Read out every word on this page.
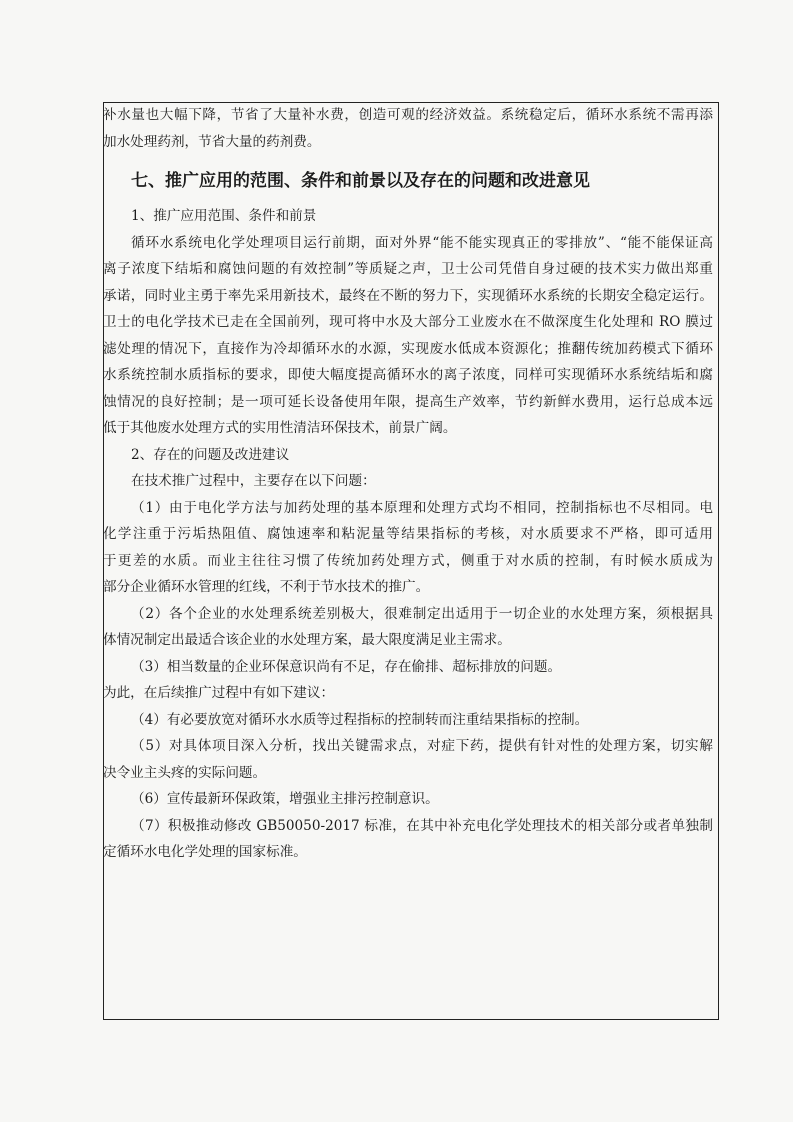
补水量也大幅下降，节省了大量补水费，创造可观的经济效益。系统稳定后，循环水系统不需再添
加水处理药剂，节省大量的药剂费。
七、推广应用的范围、条件和前景以及存在的问题和改进意见
1、推广应用范围、条件和前景
循环水系统电化学处理项目运行前期，面对外界“能不能实现真正的零排放”、“能不能保证高
离子浓度下结垢和腐蚀问题的有效控制”等质疑之声，卫士公司凭借自身过硬的技术实力做出郑重
承诺，同时业主勇于率先采用新技术，最终在不断的努力下，实现循环水系统的长期安全稳定运行。
卫士的电化学技术已走在全国前列，现可将中水及大部分工业废水在不做深度生化处理和 RO 膜过
滤处理的情况下，直接作为冷却循环水的水源，实现废水低成本资源化；推翻传统加药模式下循环
水系统控制水质指标的要求，即使大幅度提高循环水的离子浓度，同样可实现循环水系统结垢和腐
蚀情况的良好控制；是一项可延长设备使用年限，提高生产效率，节约新鲜水费用，运行总成本远
低于其他废水处理方式的实用性清洁环保技术，前景广阔。
2、存在的问题及改进建议
在技术推广过程中，主要存在以下问题：
（1）由于电化学方法与加药处理的基本原理和处理方式均不相同，控制指标也不尽相同。电
化学注重于污垢热阻值、腐蚀速率和粘泥量等结果指标的考核，对水质要求不严格，即可适用
于更差的水质。而业主往往习惯了传统加药处理方式，侧重于对水质的控制，有时候水质成为
部分企业循环水管理的红线，不利于节水技术的推广。
（2）各个企业的水处理系统差别极大，很难制定出适用于一切企业的水处理方案，须根据具
体情况制定出最适合该企业的水处理方案，最大限度满足业主需求。
（3）相当数量的企业环保意识尚有不足，存在偷排、超标排放的问题。
为此，在后续推广过程中有如下建议：
（4）有必要放宽对循环水水质等过程指标的控制转而注重结果指标的控制。
（5）对具体项目深入分析，找出关键需求点，对症下药，提供有针对性的处理方案，切实解
决令业主头疼的实际问题。
（6）宣传最新环保政策，增强业主排污控制意识。
（7）积极推动修改 GB50050-2017 标准，在其中补充电化学处理技术的相关部分或者单独制
定循环水电化学处理的国家标准。
